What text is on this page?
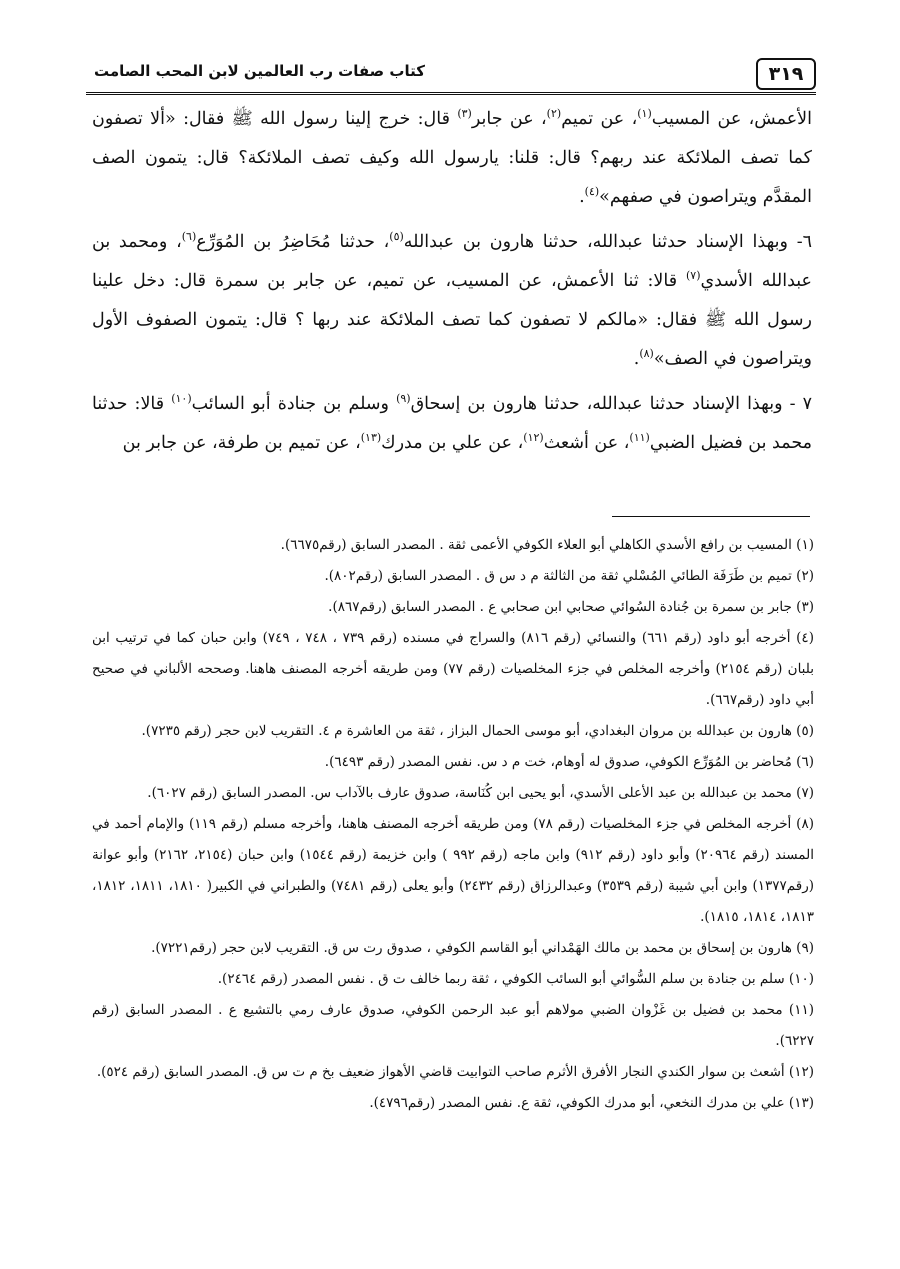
٣١٩
كتاب صفات رب العالمين لابن المحب الصامت

الأعمش، عن المسيب$^{(١)}$، عن تميم$^{(٢)}$، عن جابر$^{(٣)}$ قال: خرج إلينا رسول الله ﷺ فقال: «ألا تصفون كما تصف الملائكة عند ربهم؟ قال: قلنا: يارسول الله وكيف تصف الملائكة؟ قال: يتمون الصف المقدَّم ويتراصون في صفهم»$^{(٤)}$.

٦- وبهذا الإسناد حدثنا عبدالله، حدثنا هارون بن عبدالله$^{(٥)}$، حدثنا مُحَاضِرُ بن المُوَرِّع$^{(٦)}$، ومحمد بن عبدالله الأسدي$^{(٧)}$ قالا: ثنا الأعمش، عن المسيب، عن تميم، عن جابر بن سمرة قال: دخل علينا رسول الله ﷺ فقال: «مالكم لا تصفون كما تصف الملائكة عند ربها ؟ قال: يتمون الصفوف الأول ويتراصون في الصف»$^{(٨)}$.

٧ - وبهذا الإسناد حدثنا عبدالله، حدثنا هارون بن إسحاق$^{(٩)}$ وسلم بن جنادة أبو السائب$^{(١٠)}$ قالا: حدثنا محمد بن فضيل الضبي$^{(١١)}$، عن أشعث$^{(١٢)}$، عن علي بن مدرك$^{(١٣)}$، عن تميم بن طرفة، عن جابر بن

(١) المسيب بن رافع الأسدي الكاهلي أبو العلاء الكوفي الأعمى ثقة . المصدر السابق (رقم٦٦٧٥).

(٢) تميم بن طَرَفَة الطائي المُسْلي ثقة من الثالثة م د س ق . المصدر السابق (رقم٨٠٢).

(٣) جابر بن سمرة بن جُنادة السُوائي صحابي ابن صحابي ع . المصدر السابق (رقم٨٦٧).

(٤) أخرجه أبو داود (رقم ٦٦١) والنسائي (رقم ٨١٦) والسراج في مسنده (رقم ٧٣٩ ، ٧٤٨ ، ٧٤٩) وابن حبان كما في ترتيب ابن بلبان (رقم ٢١٥٤) وأخرجه المخلص في جزء المخلصيات (رقم ٧٧) ومن طريقه أخرجه المصنف هاهنا. وصححه الألباني في صحيح أبي داود (رقم٦٦٧).

(٥) هارون بن عبدالله بن مروان البغدادي، أبو موسى الحمال البزاز ، ثقة من العاشرة م ٤. التقريب لابن حجر (رقم ٧٢٣٥).

(٦) مُحاضر بن المُوَرِّع الكوفي، صدوق له أوهام، خت م د س. نفس المصدر (رقم ٦٤٩٣).

(٧) محمد بن عبدالله بن عبد الأعلى الأسدي، أبو يحيى ابن كُنَاسة، صدوق عارف بالآداب س. المصدر السابق (رقم ٦٠٢٧).

(٨) أخرجه المخلص في جزء المخلصيات (رقم ٧٨) ومن طريقه أخرجه المصنف هاهنا، وأخرجه مسلم (رقم ١١٩) والإمام أحمد في المسند (رقم ٢٠٩٦٤) وأبو داود (رقم ٩١٢) وابن ماجه (رقم ٩٩٢ ) وابن خزيمة (رقم ١٥٤٤) وابن حبان (٢١٥٤، ٢١٦٢) وأبو عوانة (رقم١٣٧٧) وابن أبي شيبة (رقم ٣٥٣٩) وعبدالرزاق (رقم ٢٤٣٢) وأبو يعلى (رقم ٧٤٨١) والطبراني في الكبير( ١٨١٠، ١٨١١، ١٨١٢، ١٨١٣، ١٨١٤، ١٨١٥).

(٩) هارون بن إسحاق بن محمد بن مالك الهَمْداني أبو القاسم الكوفي ، صدوق رت س ق. التقريب لابن حجر (رقم٧٢٢١).

(١٠) سلم بن جنادة بن سلم السُّوائي أبو السائب الكوفي ، ثقة ربما خالف ت ق . نفس المصدر (رقم ٢٤٦٤).

(١١) محمد بن فضيل بن غَزْوان الضبي مولاهم أبو عبد الرحمن الكوفي، صدوق عارف رمي بالتشيع ع . المصدر السابق (رقم ٦٢٢٧).

(١٢) أشعث بن سوار الكندي النجار الأفرق الأثرم صاحب التوابيت قاضي الأهواز ضعيف بخ م ت س ق. المصدر السابق (رقم ٥٢٤).

(١٣) علي بن مدرك النخعي، أبو مدرك الكوفي، ثقة ع. نفس المصدر (رقم٤٧٩٦).
